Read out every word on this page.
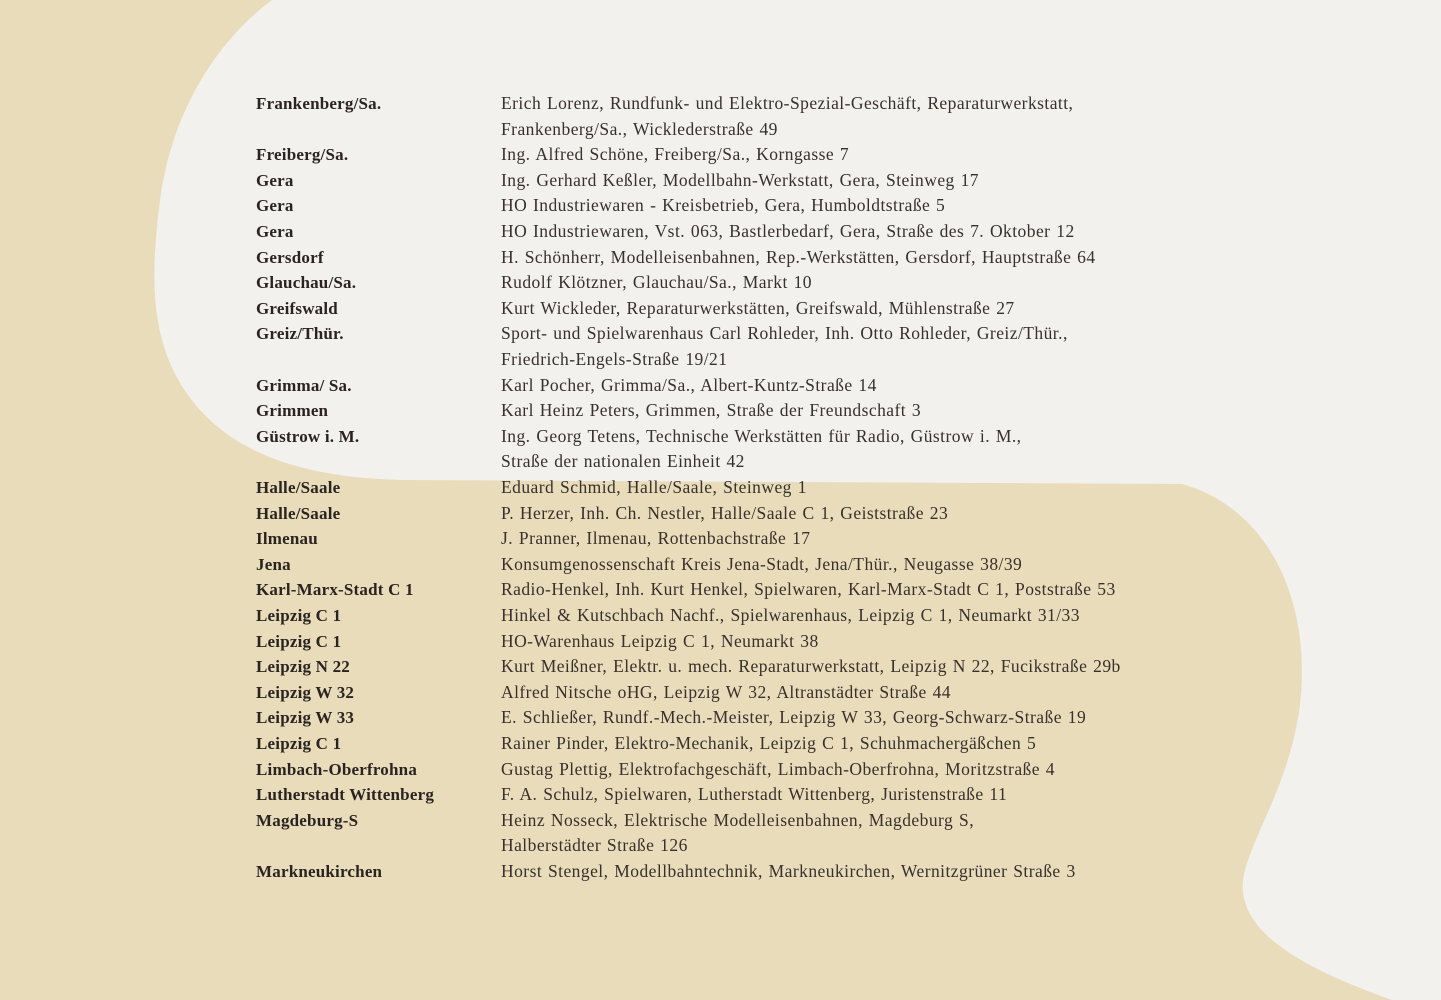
Frankenberg/Sa.	Erich Lorenz, Rundfunk- und Elektro-Spezial-Geschäft, Reparaturwerkstatt,
Frankenberg/Sa., Wicklederstraße 49
Freiberg/Sa.	Ing. Alfred Schöne, Freiberg/Sa., Korngasse 7
Gera	Ing. Gerhard Keßler, Modellbahn-Werkstatt, Gera, Steinweg 17
Gera	HO Industriewaren - Kreisbetrieb, Gera, Humboldtstraße 5
Gera	HO Industriewaren, Vst. 063, Bastlerbedarf, Gera, Straße des 7. Oktober 12
Gersdorf	H. Schönherr, Modelleisenbahnen, Rep.-Werkstätten, Gersdorf, Hauptstraße 64
Glauchau/Sa.	Rudolf Klötzner, Glauchau/Sa., Markt 10
Greifswald	Kurt Wickleder, Reparaturwerkstätten, Greifswald, Mühlenstraße 27
Greiz/Thür.	Sport- und Spielwarenhaus Carl Rohleder, Inh. Otto Rohleder, Greiz/Thür.,
Friedrich-Engels-Straße 19/21
Grimma/ Sa.	Karl Pocher, Grimma/Sa., Albert-Kuntz-Straße 14
Grimmen	Karl Heinz Peters, Grimmen, Straße der Freundschaft 3
Güstrow i. M.	Ing. Georg Tetens, Technische Werkstätten für Radio, Güstrow i. M.,
Straße der nationalen Einheit 42
Halle/Saale	Eduard Schmid, Halle/Saale, Steinweg 1
Halle/Saale	P. Herzer, Inh. Ch. Nestler, Halle/Saale C 1, Geiststraße 23
Ilmenau	J. Pranner, Ilmenau, Rottenbachstraße 17
Jena	Konsumgenossenschaft Kreis Jena-Stadt, Jena/Thür., Neugasse 38/39
Karl-Marx-Stadt C 1	Radio-Henkel, Inh. Kurt Henkel, Spielwaren, Karl-Marx-Stadt C 1, Poststraße 53
Leipzig C 1	Hinkel & Kutschbach Nachf., Spielwarenhaus, Leipzig C 1, Neumarkt 31/33
Leipzig C 1	HO-Warenhaus Leipzig C 1, Neumarkt 38
Leipzig N 22	Kurt Meißner, Elektr. u. mech. Reparaturwerkstatt, Leipzig N 22, Fucikstraße 29b
Leipzig W 32	Alfred Nitsche oHG, Leipzig W 32, Altranstädter Straße 44
Leipzig W 33	E. Schließer, Rundf.-Mech.-Meister, Leipzig W 33, Georg-Schwarz-Straße 19
Leipzig C 1	Rainer Pinder, Elektro-Mechanik, Leipzig C 1, Schuhmachergäßchen 5
Limbach-Oberfrohna	Gustag Plettig, Elektrofachgeschäft, Limbach-Oberfrohna, Moritzstraße 4
Lutherstadt Wittenberg	F. A. Schulz, Spielwaren, Lutherstadt Wittenberg, Juristenstraße 11
Magdeburg-S	Heinz Nosseck, Elektrische Modelleisenbahnen, Magdeburg S,
Halberstädter Straße 126
Markneukirchen	Horst Stengel, Modellbahntechnik, Markneukirchen, Wernitzgrüner Straße 3
